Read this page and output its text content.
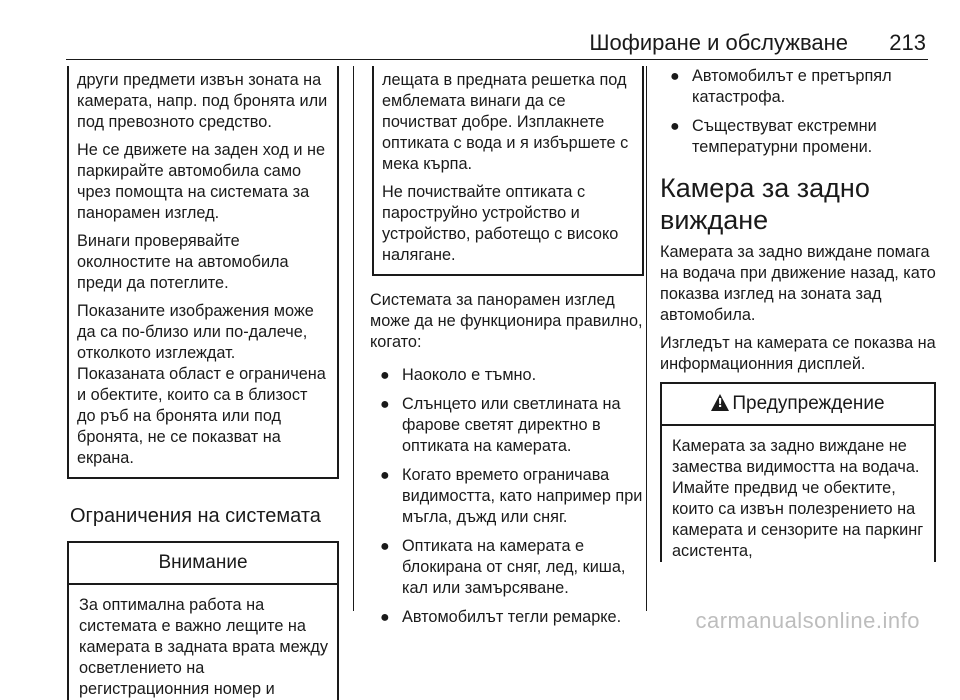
Шофиране и обслужване 213

други предмети извън зоната на камерата, напр. под бронята или под превозното средство.

Не се движете на заден ход и не паркирайте автомобила само чрез помощта на системата за панорамен изглед.

Винаги проверявайте околностите на автомобила преди да потеглите.

Показаните изображения може да са по-близо или по-далече, отколкото изглеждат.

Показаната област е ограничена и обектите, които са в близост до ръб на бронята или под бронята, не се показват на екрана.

Ограничения на системата
Внимание

За оптимална работа на системата е важно лещите на камерата в задната врата между осветлението на регистрационния номер и

лещата в предната решетка под емблемата винаги да се почистват добре. Изплакнете оптиката с вода и я избършете с мека кърпа.

Не почиствайте оптиката с пароструйно устройство и устройство, работещо с високо налягане.

Системата за панорамен изглед може да не функционира правилно, когато:

● Наоколо е тъмно.
● Слънцето или светлината на фарове светят директно в оптиката на камерата.
● Когато времето ограничава видимостта, като например при мъгла, дъжд или сняг.
● Оптиката на камерата е блокирана от сняг, лед, киша, кал или замърсяване.
● Автомобилът тегли ремарке.
● Автомобилът е претърпял катастрофа.
● Съществуват екстремни температурни промени.
Камера за задно виждане

Камерата за задно виждане помага на водача при движение назад, като показва изглед на зоната зад автомобила.

Изгледът на камерата се показва на информационния дисплей.

!Предупреждение

Камерата за задно виждане не замества видимостта на водача. Имайте предвид че обектите, които са извън полезрението на камерата и сензорите на паркинг асистента,

carmanualsonline.info
